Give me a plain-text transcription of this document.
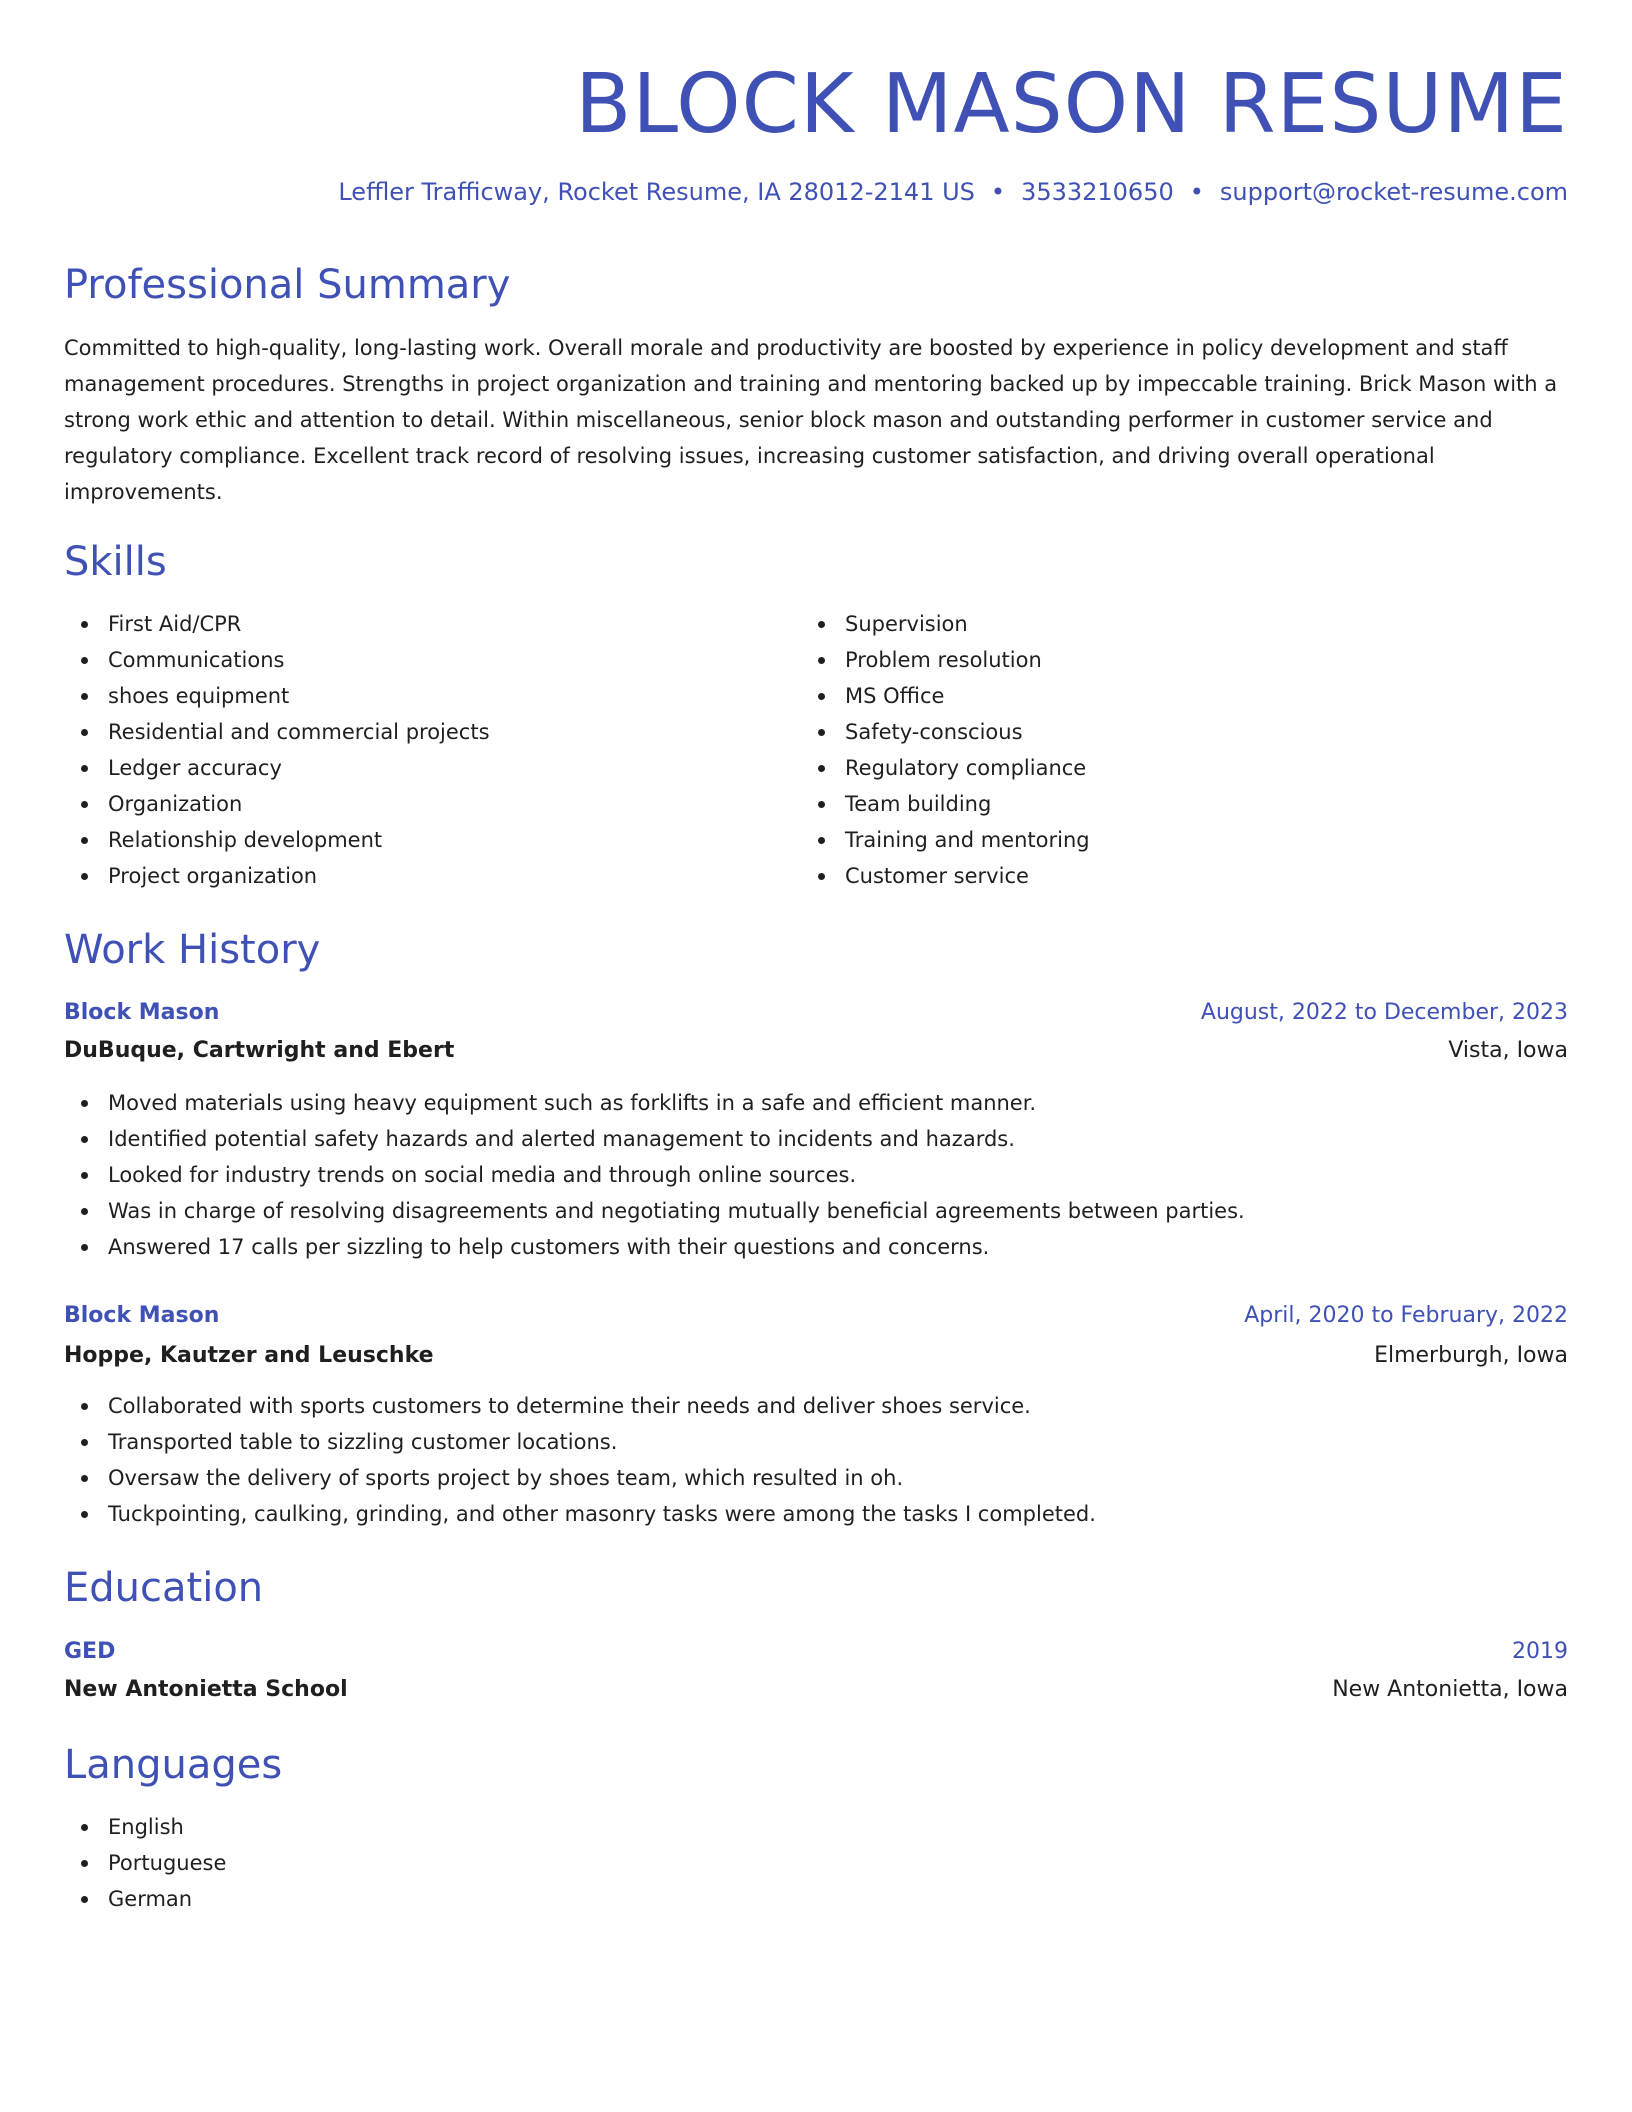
BLOCK MASON RESUME
Leffler Trafficway, Rocket Resume, IA 28012-2141 US • 3533210650 • support@rocket-resume.com
Professional Summary

Committed to high-quality, long-lasting work. Overall morale and productivity are boosted by experience in policy development and staff management procedures. Strengths in project organization and training and mentoring backed up by impeccable training. Brick Mason with a strong work ethic and attention to detail. Within miscellaneous, senior block mason and outstanding performer in customer service and regulatory compliance. Excellent track record of resolving issues, increasing customer satisfaction, and driving overall operational improvements.

Skills
First Aid/CPR
Communications
shoes equipment
Residential and commercial projects
Ledger accuracy
Organization
Relationship development
Project organization
Supervision
Problem resolution
MS Office
Safety-conscious
Regulatory compliance
Team building
Training and mentoring
Customer service
Work History
Block Mason	August, 2022 to December, 2023
DuBuque, Cartwright and Ebert	Vista, Iowa
Moved materials using heavy equipment such as forklifts in a safe and efficient manner.
Identified potential safety hazards and alerted management to incidents and hazards.
Looked for industry trends on social media and through online sources.
Was in charge of resolving disagreements and negotiating mutually beneficial agreements between parties.
Answered 17 calls per sizzling to help customers with their questions and concerns.
Block Mason	April, 2020 to February, 2022
Hoppe, Kautzer and Leuschke	Elmerburgh, Iowa
Collaborated with sports customers to determine their needs and deliver shoes service.
Transported table to sizzling customer locations.
Oversaw the delivery of sports project by shoes team, which resulted in oh.
Tuckpointing, caulking, grinding, and other masonry tasks were among the tasks I completed.
Education
GED	2019
New Antonietta School	New Antonietta, Iowa
Languages
English
Portuguese
German
